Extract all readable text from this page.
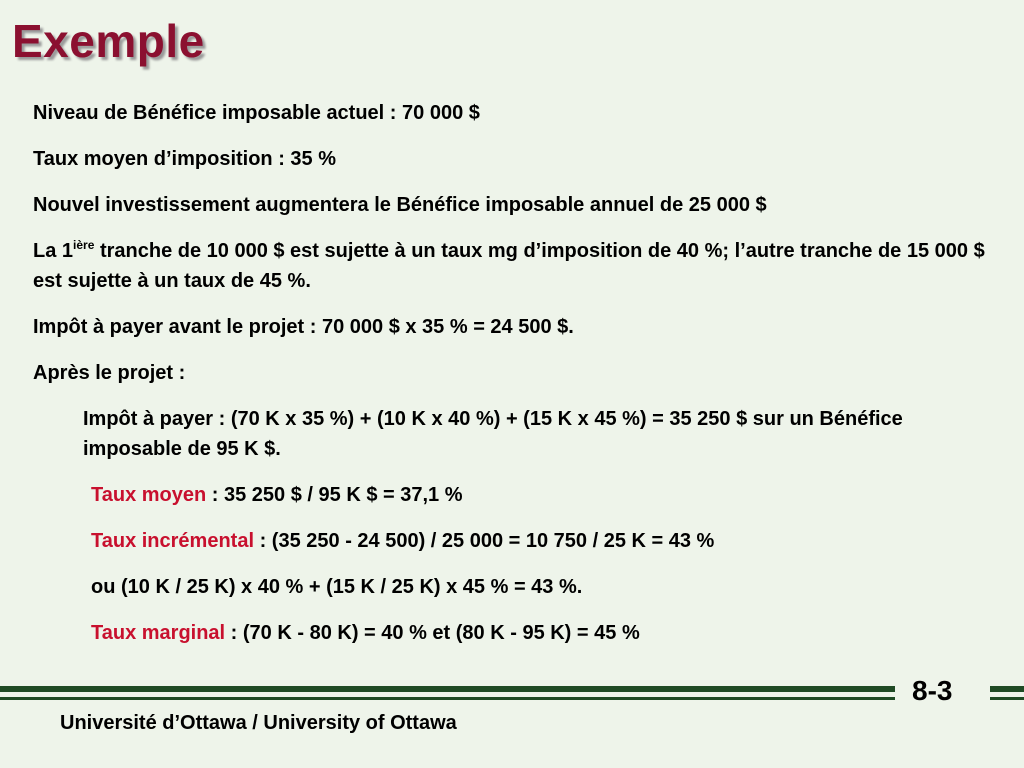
Exemple
Niveau de Bénéfice imposable actuel : 70 000 $
Taux moyen d’imposition : 35 %
Nouvel investissement augmentera le Bénéfice imposable annuel de 25 000 $
La $1^{ière}$ tranche de 10 000 $ est sujette à un taux mg d’imposition de 40 %; l’autre tranche de 15 000 $ est sujette à un taux de 45 %.
Impôt à payer avant le projet : 70 000 $ x 35 % = 24 500 $.
Après le projet :
Impôt à payer : (70 K x 35 %) + (10 K x 40 %) + (15 K x 45 %) = 35 250 $ sur un Bénéfice imposable de 95 K $.
Taux moyen : 35 250 $ / 95 K $ = 37,1 %
Taux incrémental : (35 250 - 24 500) / 25 000 = 10 750 / 25 K = 43 %
ou (10 K / 25 K) x 40 % + (15 K / 25 K) x 45 % = 43 %.
Taux marginal : (70 K - 80 K) = 40 % et (80 K - 95 K) = 45 %
8-3
Université d’Ottawa / University of Ottawa
